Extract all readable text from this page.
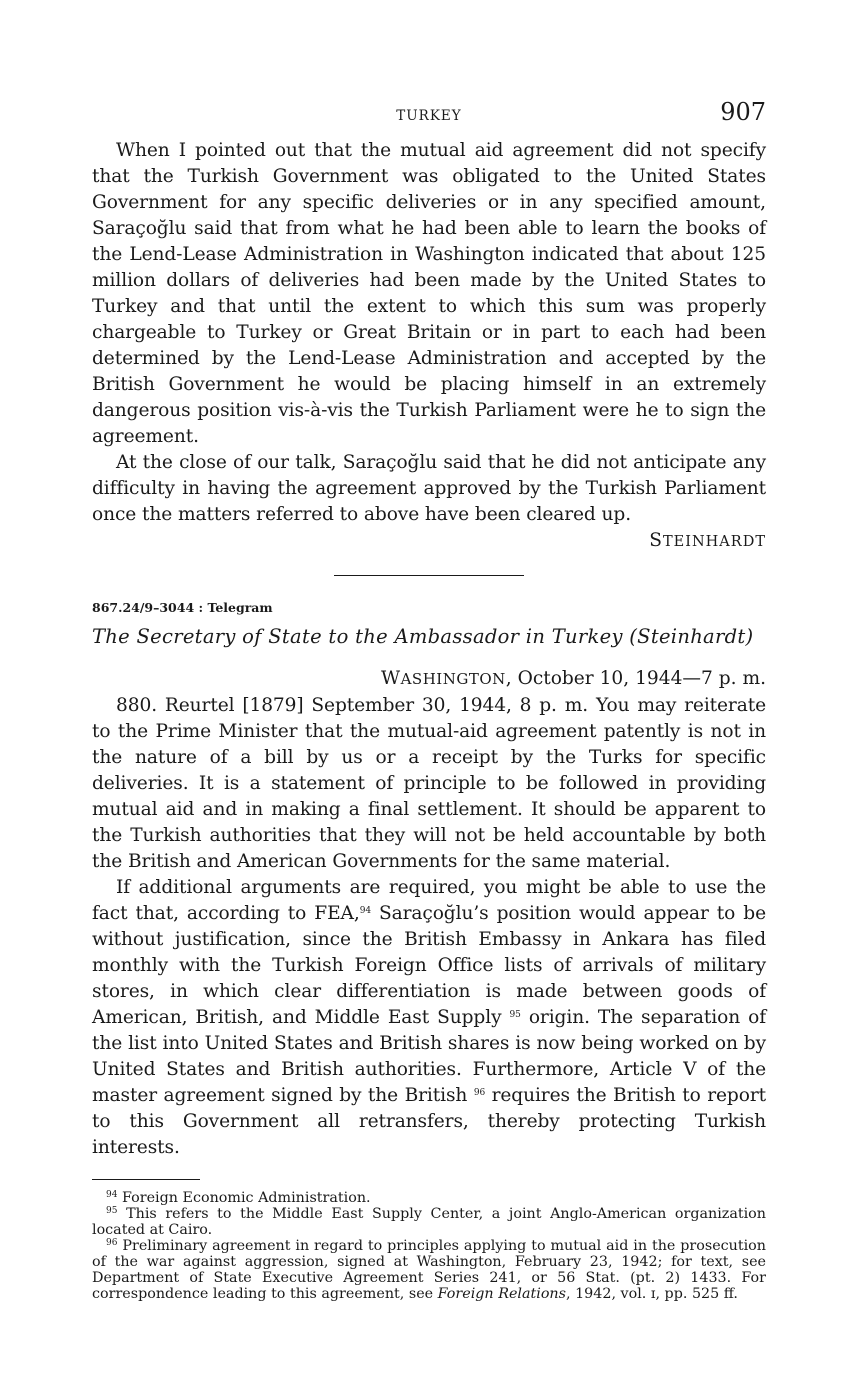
TURKEY	907

When I pointed out that the mutual aid agreement did not specify that the Turkish Government was obligated to the United States Government for any specific deliveries or in any specified amount, Saraçoğlu said that from what he had been able to learn the books of the Lend-Lease Administration in Washington indicated that about 125 million dollars of deliveries had been made by the United States to Turkey and that until the extent to which this sum was properly chargeable to Turkey or Great Britain or in part to each had been determined by the Lend-Lease Administration and accepted by the British Government he would be placing himself in an extremely dangerous position vis-à-vis the Turkish Parliament were he to sign the agreement.

At the close of our talk, Saraçoğlu said that he did not anticipate any difficulty in having the agreement approved by the Turkish Parliament once the matters referred to above have been cleared up.

STEINHARDT
867.24/9–3044 : Telegram
The Secretary of State to the Ambassador in Turkey (Steinhardt)
WASHINGTON, October 10, 1944—7 p. m.

880. Reurtel [1879] September 30, 1944, 8 p. m. You may reiterate to the Prime Minister that the mutual-aid agreement patently is not in the nature of a bill by us or a receipt by the Turks for specific deliveries. It is a statement of principle to be followed in providing mutual aid and in making a final settlement. It should be apparent to the Turkish authorities that they will not be held accountable by both the British and American Governments for the same material.

If additional arguments are required, you might be able to use the fact that, according to FEA,$^{94}$ Saraçoğlu’s position would appear to be without justification, since the British Embassy in Ankara has filed monthly with the Turkish Foreign Office lists of arrivals of military stores, in which clear differentiation is made between goods of American, British, and Middle East Supply $^{95}$ origin. The separation of the list into United States and British shares is now being worked on by United States and British authorities. Furthermore, Article V of the master agreement signed by the British $^{96}$ requires the British to report to this Government all retransfers, thereby protecting Turkish interests.

$^{94}$ Foreign Economic Administration.

$^{95}$ This refers to the Middle East Supply Center, a joint Anglo-American organization located at Cairo.

$^{96}$ Preliminary agreement in regard to principles applying to mutual aid in the prosecution of the war against aggression, signed at Washington, February 23, 1942; for text, see Department of State Executive Agreement Series 241, or 56 Stat. (pt. 2) 1433. For correspondence leading to this agreement, see Foreign Relations, 1942, vol. ɪ, pp. 525 ff.
